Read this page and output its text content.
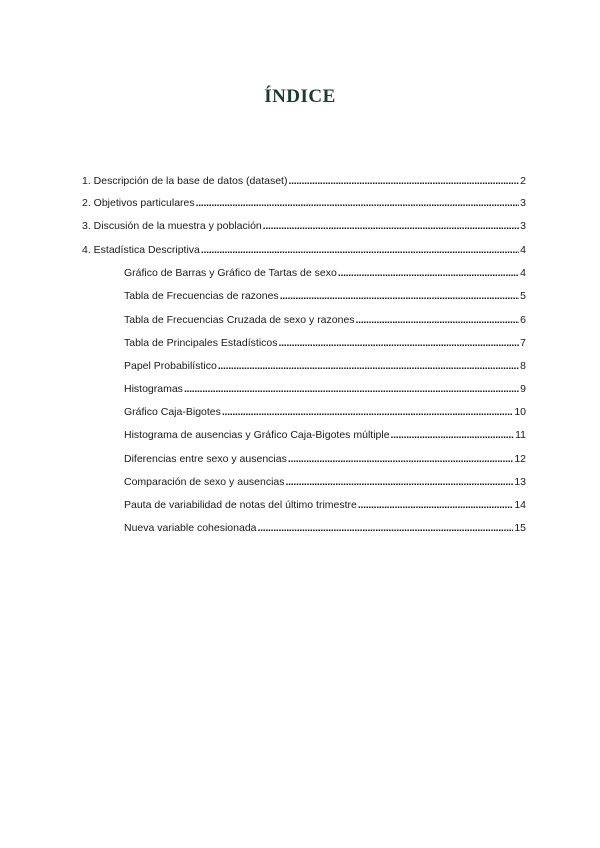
ÍNDICE
1. Descripción de la base de datos (dataset) .....	2
2. Objetivos particulares .....	3
3. Discusión de la muestra y población .....	3
4. Estadística Descriptiva .....	4
Gráfico de Barras y Gráfico de Tartas de sexo .....	4
Tabla de Frecuencias de razones .....	5
Tabla de Frecuencias Cruzada de sexo y razones .....	6
Tabla de Principales Estadísticos .....	7
Papel Probabilístico .....	8
Histogramas .....	9
Gráfico Caja-Bigotes .....	10
Histograma de ausencias y Gráfico Caja-Bigotes múltiple .....	11
Diferencias entre sexo y ausencias .....	12
Comparación de sexo y ausencias .....	13
Pauta de variabilidad de notas del último trimestre .....	14
Nueva variable cohesionada .....	15
